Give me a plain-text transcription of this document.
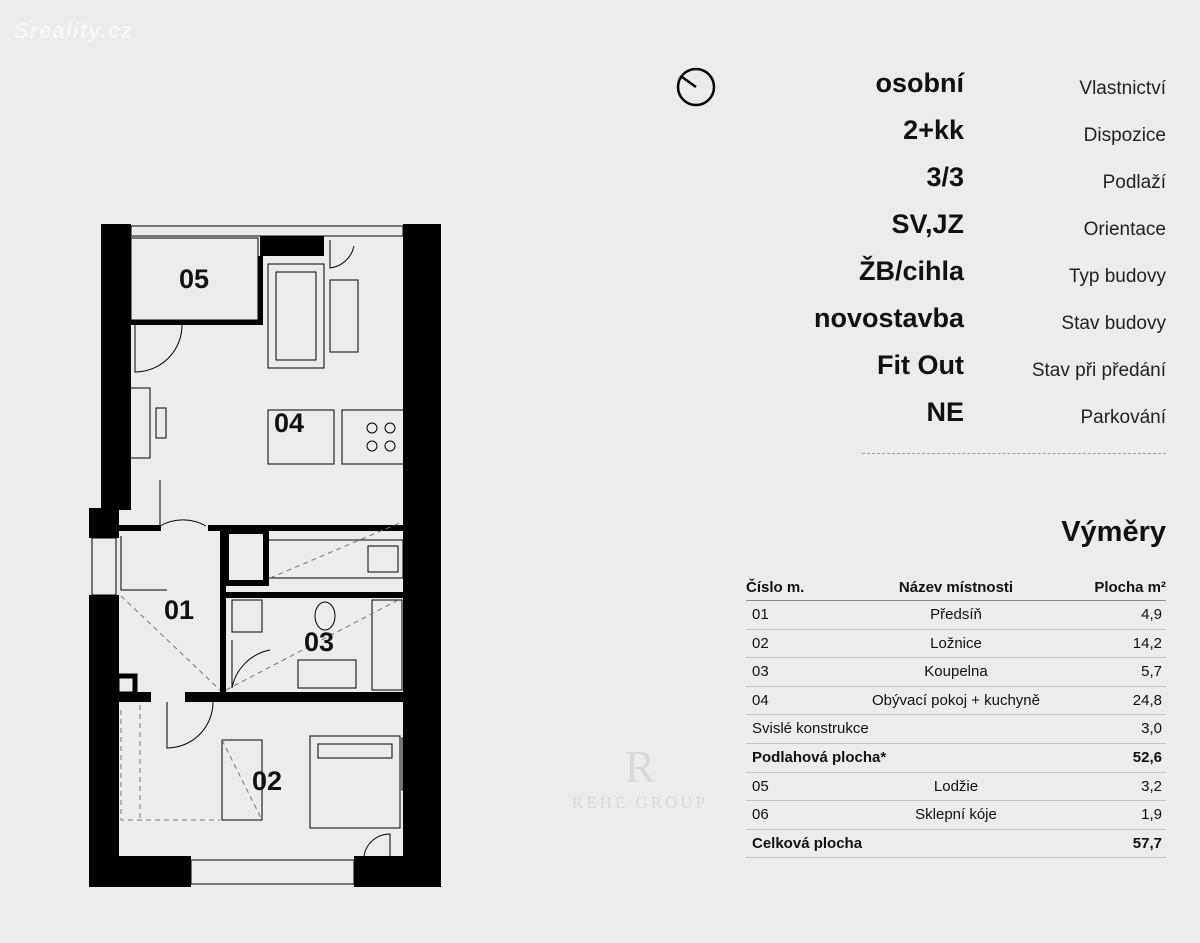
Sreality.cz
R
REHE GROUP
05
04
01
03
02
osobní	Vlastnictví
2+kk	Dispozice
3/3	Podlaží
SV,JZ	Orientace
ŽB/cihla	Typ budovy
novostavba	Stav budovy
Fit Out	Stav při předání
NE	Parkování
Výměry
Číslo m.	Název místnosti	Plocha m²
01	Předsíň	4,9
02	Ložnice	14,2
03	Koupelna	5,7
04	Obývací pokoj + kuchyně	24,8
Svislé konstrukce	3,0
Podlahová plocha*	52,6
05	Lodžie	3,2
06	Sklepní kóje	1,9
Celková plocha	57,7
